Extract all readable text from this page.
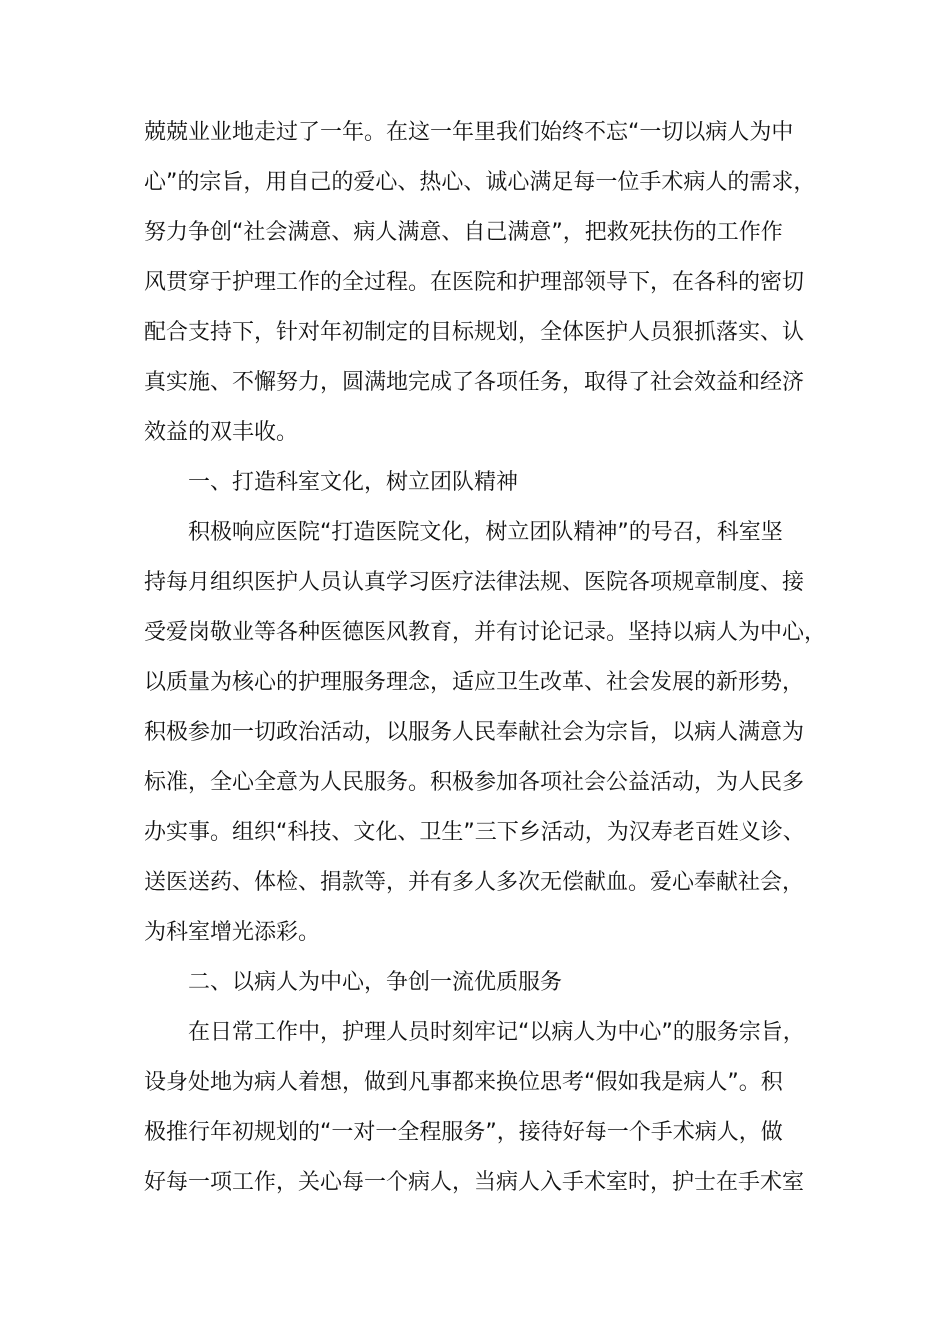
兢兢业业地走过了一年。在这一年里我们始终不忘“一切以病人为中
心”的宗旨，用自己的爱心、热心、诚心满足每一位手术病人的需求，
努力争创“社会满意、病人满意、自己满意”，把救死扶伤的工作作
风贯穿于护理工作的全过程。在医院和护理部领导下，在各科的密切
配合支持下，针对年初制定的目标规划，全体医护人员狠抓落实、认
真实施、不懈努力，圆满地完成了各项任务，取得了社会效益和经济
效益的双丰收。
一、打造科室文化，树立团队精神
积极响应医院“打造医院文化，树立团队精神”的号召，科室坚
持每月组织医护人员认真学习医疗法律法规、医院各项规章制度、接
受爱岗敬业等各种医德医风教育，并有讨论记录。坚持以病人为中心，
以质量为核心的护理服务理念，适应卫生改革、社会发展的新形势，
积极参加一切政治活动，以服务人民奉献社会为宗旨，以病人满意为
标准，全心全意为人民服务。积极参加各项社会公益活动，为人民多
办实事。组织“科技、文化、卫生”三下乡活动，为汉寿老百姓义诊、
送医送药、体检、捐款等，并有多人多次无偿献血。爱心奉献社会，
为科室增光添彩。
二、以病人为中心，争创一流优质服务
在日常工作中，护理人员时刻牢记“以病人为中心”的服务宗旨，
设身处地为病人着想，做到凡事都来换位思考“假如我是病人”。积
极推行年初规划的“一对一全程服务”，接待好每一个手术病人，做
好每一项工作，关心每一个病人，当病人入手术室时，护士在手术室
